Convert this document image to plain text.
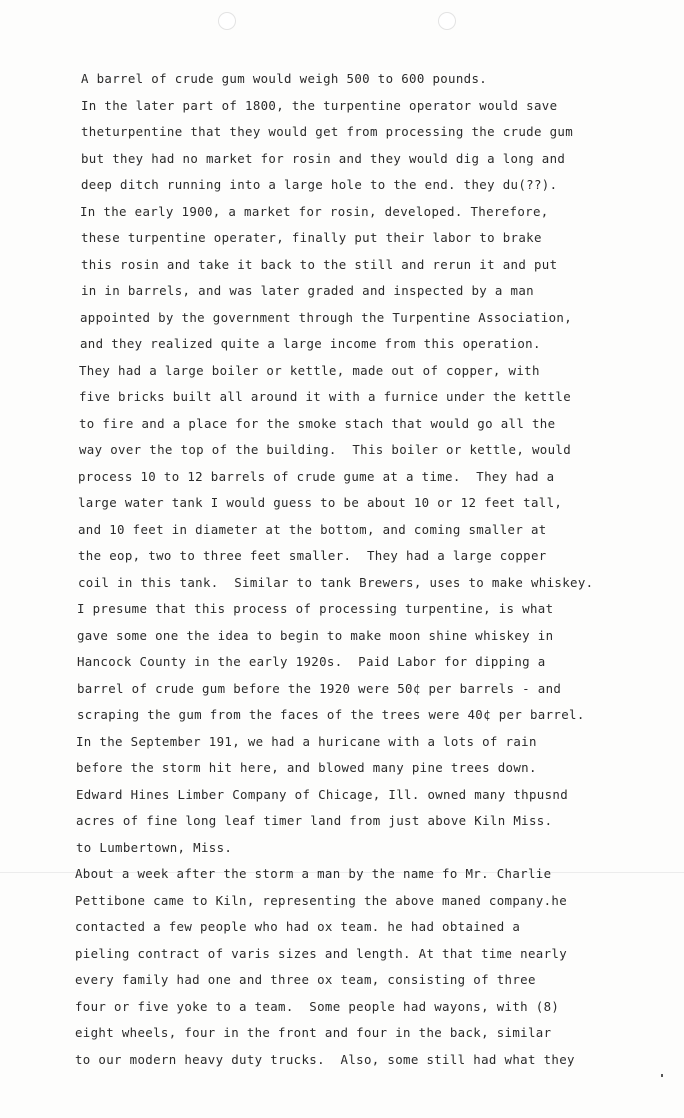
A barrel of crude gum would weigh 500 to 600 pounds.
In the later part of 1800, the turpentine operator would save
theturpentine that they would get from processing the crude gum
but they had no market for rosin and they would dig a long and
deep ditch running into a large hole to the end. they du(??).
In the early 1900, a market for rosin, developed. Therefore,
these turpentine operater, finally put their labor to brake
this rosin and take it back to the still and rerun it and put
in in barrels, and was later graded and inspected by a man
appointed by the government through the Turpentine Association,
and they realized quite a large income from this operation.
They had a large boiler or kettle, made out of copper, with
five bricks built all around it with a furnice under the kettle
to fire and a place for the smoke stach that would go all the
way over the top of the building.  This boiler or kettle, would
process 10 to 12 barrels of crude gume at a time.  They had a
large water tank I would guess to be about 10 or 12 feet tall,
and 10 feet in diameter at the bottom, and coming smaller at
the eop, two to three feet smaller.  They had a large copper
coil in this tank.  Similar to tank Brewers, uses to make whiskey.
I presume that this process of processing turpentine, is what
gave some one the idea to begin to make moon shine whiskey in
Hancock County in the early 1920s.  Paid Labor for dipping a
barrel of crude gum before the 1920 were 50¢ per barrels - and
scraping the gum from the faces of the trees were 40¢ per barrel.
In the September 191, we had a huricane with a lots of rain
before the storm hit here, and blowed many pine trees down.
Edward Hines Limber Company of Chicage, Ill. owned many thpusnd
acres of fine long leaf timer land from just above Kiln Miss.
to Lumbertown, Miss.
About a week after the storm a man by the name fo Mr. Charlie
Pettibone came to Kiln, representing the above maned company.he
contacted a few people who had ox team. he had obtained a
pieling contract of varis sizes and length. At that time nearly
every family had one and three ox team, consisting of three
four or five yoke to a team.  Some people had wayons, with (8)
eight wheels, four in the front and four in the back, similar
to our modern heavy duty trucks.  Also, some still had what they
